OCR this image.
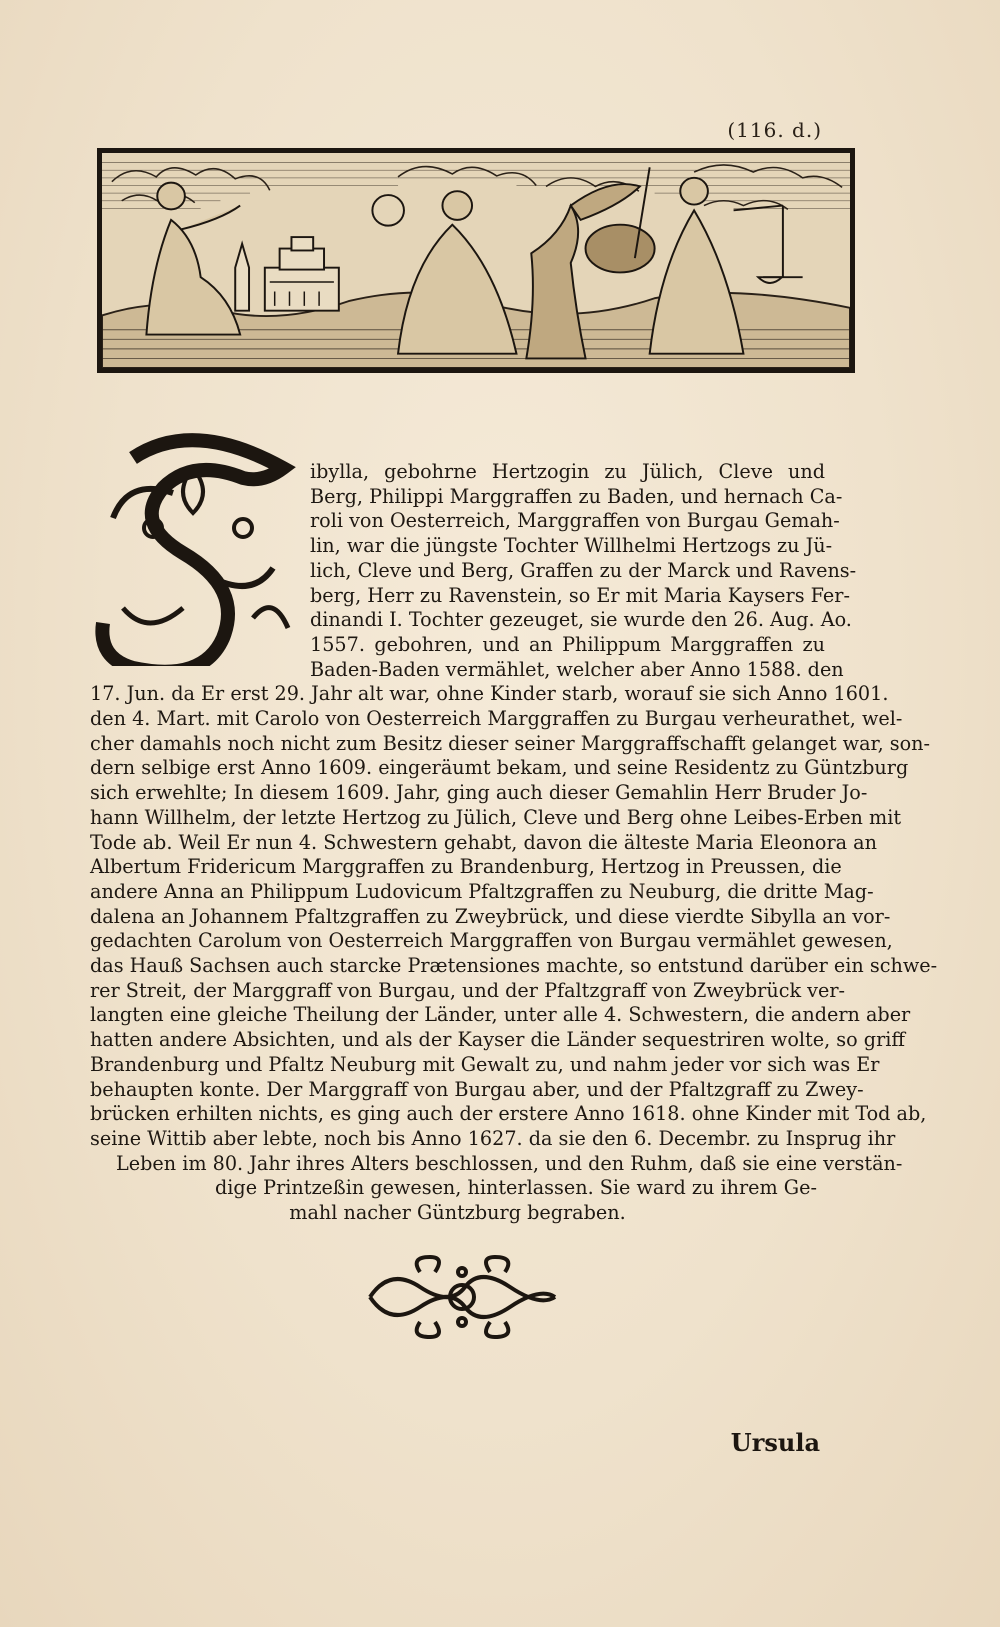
(116. d.)
ibylla, gebohrne Hertzogin zu Jülich, Cleve und
Berg, Philippi Marggraffen zu Baden, und hernach Ca-
roli von Oesterreich, Marggraffen von Burgau Gemah-
lin, war die jüngste Tochter Willhelmi Hertzogs zu Jü-
lich, Cleve und Berg, Graffen zu der Marck und Ravens-
berg, Herr zu Ravenstein, so Er mit Maria Kaysers Fer-
dinandi I. Tochter gezeuget, sie wurde den 26. Aug. Ao.
1557. gebohren, und an Philippum Marggraffen zu
Baden-Baden vermählet, welcher aber Anno 1588. den
17. Jun. da Er erst 29. Jahr alt war, ohne Kinder starb, worauf sie sich Anno 1601.
den 4. Mart. mit Carolo von Oesterreich Marggraffen zu Burgau verheurathet, wel-
cher damahls noch nicht zum Besitz dieser seiner Marggraffschafft gelanget war, son-
dern selbige erst Anno 1609. eingeräumt bekam, und seine Residentz zu Güntzburg
sich erwehlte; In diesem 1609. Jahr, ging auch dieser Gemahlin Herr Bruder Jo-
hann Willhelm, der letzte Hertzog zu Jülich, Cleve und Berg ohne Leibes-Erben mit
Tode ab. Weil Er nun 4. Schwestern gehabt, davon die älteste Maria Eleonora an
Albertum Fridericum Marggraffen zu Brandenburg, Hertzog in Preussen, die
andere Anna an Philippum Ludovicum Pfaltzgraffen zu Neuburg, die dritte Mag-
dalena an Johannem Pfaltzgraffen zu Zweybrück, und diese vierdte Sibylla an vor-
gedachten Carolum von Oesterreich Marggraffen von Burgau vermählet gewesen,
das Hauß Sachsen auch starcke Prætensiones machte, so entstund darüber ein schwe-
rer Streit, der Marggraff von Burgau, und der Pfaltzgraff von Zweybrück ver-
langten eine gleiche Theilung der Länder, unter alle 4. Schwestern, die andern aber
hatten andere Absichten, und als der Kayser die Länder sequestriren wolte, so griff
Brandenburg und Pfaltz Neuburg mit Gewalt zu, und nahm jeder vor sich was Er
behaupten konte. Der Marggraff von Burgau aber, und der Pfaltzgraff zu Zwey-
brücken erhilten nichts, es ging auch der erstere Anno 1618. ohne Kinder mit Tod ab,
seine Wittib aber lebte, noch bis Anno 1627. da sie den 6. Decembr. zu Insprug ihr
Leben im 80. Jahr ihres Alters beschlossen, und den Ruhm, daß sie eine verstän-
dige Printzeßin gewesen, hinterlassen. Sie ward zu ihrem Ge-
mahl nacher Güntzburg begraben.
Ursula
